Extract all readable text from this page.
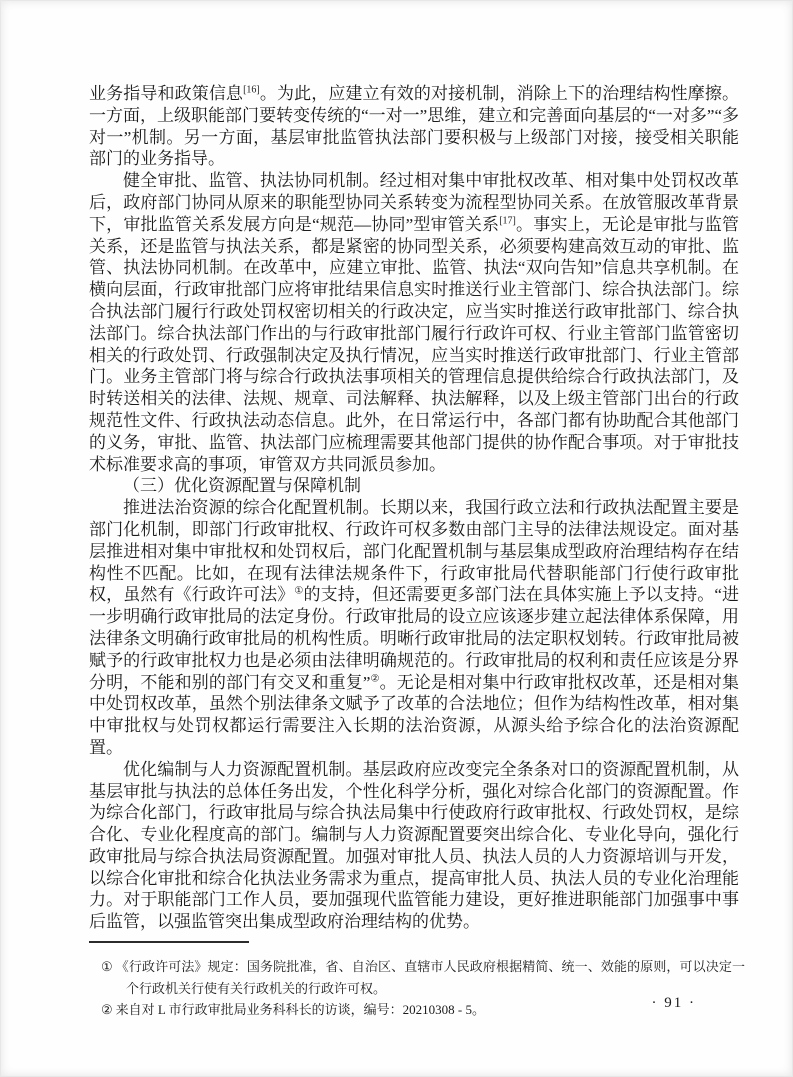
业务指导和政策信息[16]。为此，应建立有效的对接机制，消除上下的治理结构性摩擦。一方面，上级职能部门要转变传统的“一对一”思维，建立和完善面向基层的“一对多”“多对一”机制。另一方面，基层审批监管执法部门要积极与上级部门对接，接受相关职能部门的业务指导。

健全审批、监管、执法协同机制。经过相对集中审批权改革、相对集中处罚权改革后，政府部门协同从原来的职能型协同关系转变为流程型协同关系。在放管服改革背景下，审批监管关系发展方向是“规范—协同”型审管关系[17]。事实上，无论是审批与监管关系，还是监管与执法关系，都是紧密的协同型关系，必须要构建高效互动的审批、监管、执法协同机制。在改革中，应建立审批、监管、执法“双向告知”信息共享机制。在横向层面，行政审批部门应将审批结果信息实时推送行业主管部门、综合执法部门。综合执法部门履行行政处罚权密切相关的行政决定，应当实时推送行政审批部门、综合执法部门。综合执法部门作出的与行政审批部门履行行政许可权、行业主管部门监管密切相关的行政处罚、行政强制决定及执行情况，应当实时推送行政审批部门、行业主管部门。业务主管部门将与综合行政执法事项相关的管理信息提供给综合行政执法部门，及时转送相关的法律、法规、规章、司法解释、执法解释，以及上级主管部门出台的行政规范性文件、行政执法动态信息。此外，在日常运行中，各部门都有协助配合其他部门的义务，审批、监管、执法部门应梳理需要其他部门提供的协作配合事项。对于审批技术标准要求高的事项，审管双方共同派员参加。

（三）优化资源配置与保障机制

推进法治资源的综合化配置机制。长期以来，我国行政立法和行政执法配置主要是部门化机制，即部门行政审批权、行政许可权多数由部门主导的法律法规设定。面对基层推进相对集中审批权和处罚权后，部门化配置机制与基层集成型政府治理结构存在结构性不匹配。比如，在现有法律法规条件下，行政审批局代替职能部门行使行政审批权，虽然有《行政许可法》①的支持，但还需要更多部门法在具体实施上予以支持。“进一步明确行政审批局的法定身份。行政审批局的设立应该逐步建立起法律体系保障，用法律条文明确行政审批局的机构性质。明晰行政审批局的法定职权划转。行政审批局被赋予的行政审批权力也是必须由法律明确规范的。行政审批局的权利和责任应该是分界分明，不能和别的部门有交叉和重复”②。无论是相对集中行政审批权改革，还是相对集中处罚权改革，虽然个别法律条文赋予了改革的合法地位；但作为结构性改革，相对集中审批权与处罚权都运行需要注入长期的法治资源，从源头给予综合化的法治资源配置。

优化编制与人力资源配置机制。基层政府应改变完全条条对口的资源配置机制，从基层审批与执法的总体任务出发，个性化科学分析，强化对综合化部门的资源配置。作为综合化部门，行政审批局与综合执法局集中行使政府行政审批权、行政处罚权，是综合化、专业化程度高的部门。编制与人力资源配置要突出综合化、专业化导向，强化行政审批局与综合执法局资源配置。加强对审批人员、执法人员的人力资源培训与开发，以综合化审批和综合化执法业务需求为重点，提高审批人员、执法人员的专业化治理能力。对于职能部门工作人员，要加强现代监管能力建设，更好推进职能部门加强事中事后监管，以强监管突出集成型政府治理结构的优势。

① 《行政许可法》规定：国务院批准，省、自治区、直辖市人民政府根据精简、统一、效能的原则，可以决定一个行政机关行使有关行政机关的行政许可权。

② 来自对 L 市行政审批局业务科科长的访谈，编号：20210308 - 5。	· 91 ·
